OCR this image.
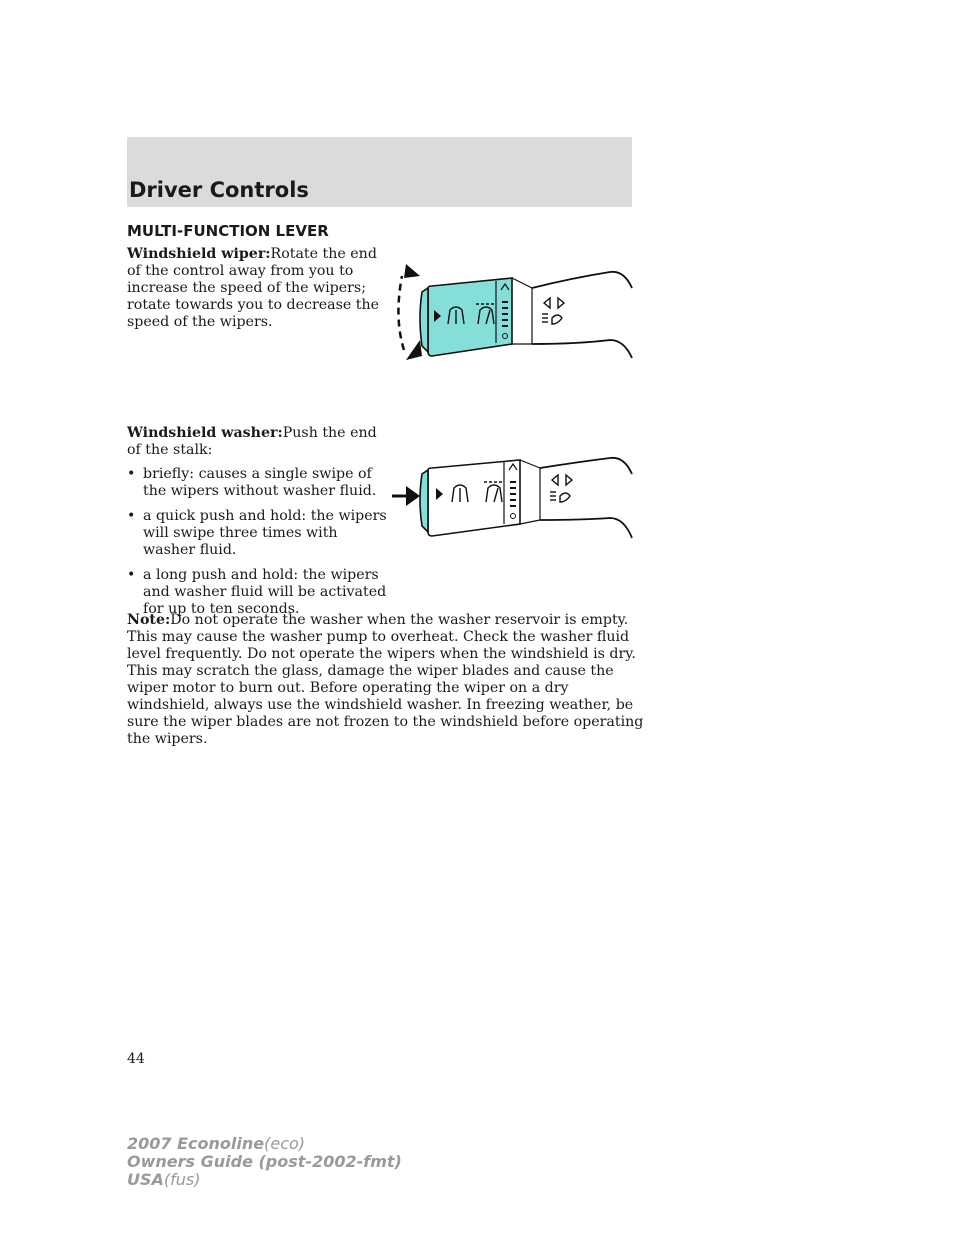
Driver Controls
MULTI-FUNCTION LEVER
Windshield wiper:Rotate the end of the control away from you to increase the speed of the wipers; rotate towards you to decrease the speed of the wipers.
Windshield washer:Push the end of the stalk:
• briefly: causes a single swipe of the wipers without washer fluid.
• a quick push and hold: the wipers will swipe three times with washer fluid.
• a long push and hold: the wipers and washer fluid will be activated for up to ten seconds.
Note:Do not operate the washer when the washer reservoir is empty. This may cause the washer pump to overheat. Check the washer fluid level frequently. Do not operate the wipers when the windshield is dry. This may scratch the glass, damage the wiper blades and cause the wiper motor to burn out. Before operating the wiper on a dry windshield, always use the windshield washer. In freezing weather, be sure the wiper blades are not frozen to the windshield before operating the wipers.
44
2007 Econoline(eco)
Owners Guide (post-2002-fmt)
USA(fus)
